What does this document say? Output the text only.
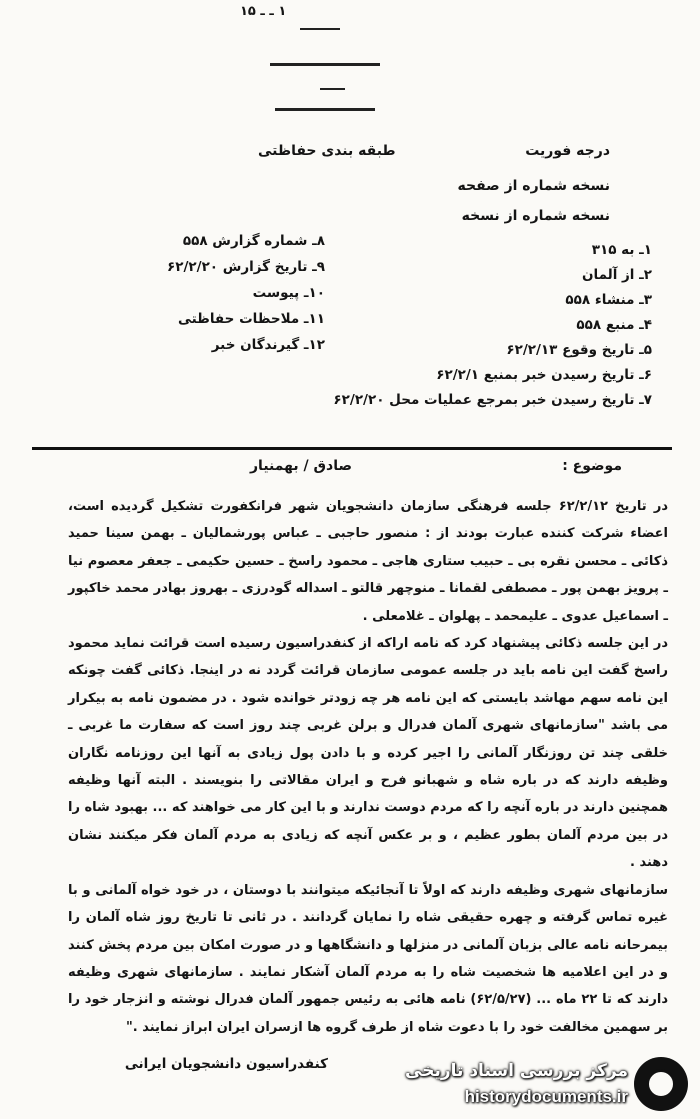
۱ ـ ـ ۱۵
درجه فوریت
طبقه بندی حفاظتی
نسخه شماره از صفحه
نسخه شماره از نسخه
۱ـ به ۳۱۵
۲ـ از آلمان
۳ـ منشاء ۵۵۸
۴ـ منبع ۵۵۸
۵ـ تاریخ وقوع ۶۲/۲/۱۳
۶ـ تاریخ رسیدن خبر بمنبع ۶۲/۲/۱
۷ـ تاریخ رسیدن خبر بمرجع عملیات محل ۶۲/۲/۲۰
۸ـ شماره گزارش ۵۵۸
۹ـ تاریخ گزارش ۶۲/۲/۲۰
۱۰ـ پیوست
۱۱ـ ملاحظات حفاظتی
۱۲ـ گیرندگان خبر
موضوع :
صادق / بهمنیار

در تاریخ ۶۲/۲/۱۲ جلسه فرهنگی سازمان دانشجویان شهر فرانکفورت تشکیل گردیده است، اعضاء شرکت کننده عبارت بودند از : منصور حاجبی ـ عباس پورشمالیان ـ بهمن سینا حمید ذکائی ـ محسن نقره بی ـ حبیب ستاری هاجی ـ محمود راسخ ـ حسین حکیمی ـ جعفر معصوم نیا ـ پرویز بهمن پور ـ مصطفی لقمانا ـ منوچهر قالتو ـ اسداله گودرزی ـ بهروز بهادر محمد خاکپور ـ اسماعیل عدوی ـ علیمحمد ـ پهلوان ـ غلامعلی .

در این جلسه ذکائی پیشنهاد کرد که نامه اراکه از کنفدراسیون رسیده است قرائت نماید محمود راسخ گفت این نامه باید در جلسه عمومی سازمان قرائت گردد نه در اینجا. ذکائی گفت چونکه این نامه سهم مهاشد بایستی که این نامه هر چه زودتر خوانده شود . در مضمون نامه به بیکرار می باشد "سازمانهای شهری آلمان فدرال و برلن غربی چند روز است که سفارت ما غربی ـ خلقی چند تن روزنگار آلمانی را اجیر کرده و با دادن پول زیادی به آنها این روزنامه نگاران وظیفه دارند که در باره شاه و شهبانو فرح و ایران مقالاتی را بنویسند . البته آنها وظیفه همچنین دارند در باره آنچه را که مردم دوست ندارند و با این کار می خواهند که ... بهبود شاه را در بین مردم آلمان بطور عظیم ، و بر عکس آنچه که زیادی به مردم آلمان فکر میکنند نشان دهند .

سازمانهای شهری وظیفه دارند که اولاً تا آنجائیکه میتوانند با دوستان ، در خود خواه آلمانی و با غیره تماس گرفته و چهره حقیقی شاه را نمایان گردانند . در ثانی تا تاریخ روز شاه آلمان را بیمرحانه نامه عالی بزبان آلمانی در منزلها و دانشگاهها و در صورت امکان بین مردم پخش کنند و در این اعلامیه ها شخصیت شاه را به مردم آلمان آشکار نمایند . سازمانهای شهری وظیفه دارند که تا ۲۲ ماه ... (۶۲/۵/۲۷) نامه هائی به رئیس جمهور آلمان فدرال نوشته و انزجار خود را بر سهمین مخالفت خود را با دعوت شاه از طرف گروه ها ازسران ایران ابراز نمایند ."

کنفدراسیون دانشجویان ایرانی	مرکز بررسی اسناد تاریخی
historydocuments.ir
